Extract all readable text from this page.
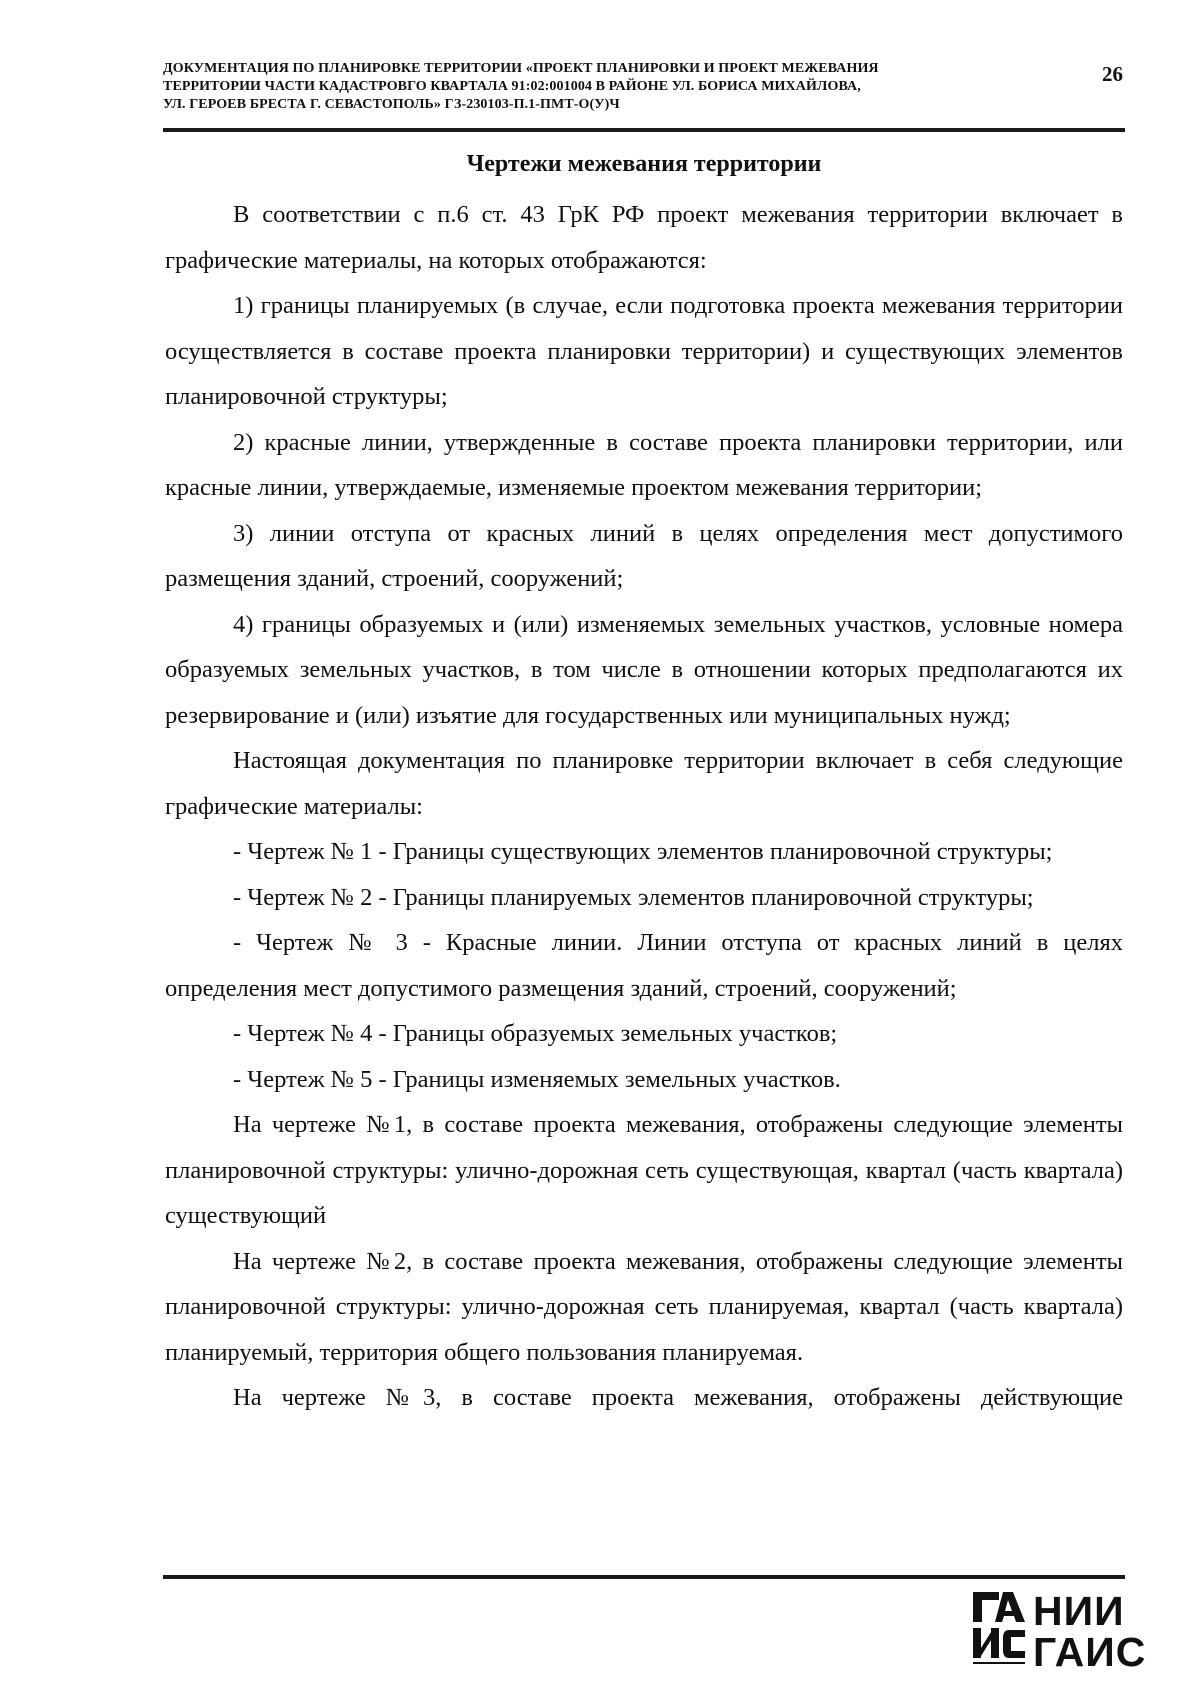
ДОКУМЕНТАЦИЯ ПО ПЛАНИРОВКЕ ТЕРРИТОРИИ «ПРОЕКТ ПЛАНИРОВКИ И ПРОЕКТ МЕЖЕВАНИЯ
ТЕРРИТОРИИ ЧАСТИ КАДАСТРОВГО КВАРТАЛА 91:02:001004 В РАЙОНЕ УЛ. БОРИСА МИХАЙЛОВА,
УЛ. ГЕРОЕВ БРЕСТА Г. СЕВАСТОПОЛЬ» ГЗ-230103-П.1-ПМТ-О(У)Ч
26
Чертежи межевания территории

В соответствии с п.6 ст. 43 ГрК РФ проект межевания территории включает в графические материалы, на которых отображаются:

1) границы планируемых (в случае, если подготовка проекта межевания территории осуществляется в составе проекта планировки территории) и существующих элементов планировочной структуры;

2) красные линии, утвержденные в составе проекта планировки территории, или красные линии, утверждаемые, изменяемые проектом межевания территории;

3) линии отступа от красных линий в целях определения мест допустимого размещения зданий, строений, сооружений;

4) границы образуемых и (или) изменяемых земельных участков, условные номера образуемых земельных участков, в том числе в отношении которых предполагаются их резервирование и (или) изъятие для государственных или муниципальных нужд;

Настоящая документация по планировке территории включает в себя следующие графические материалы:

- Чертеж № 1 - Границы существующих элементов планировочной структуры;

- Чертеж № 2 - Границы планируемых элементов планировочной структуры;

- Чертеж № 3 - Красные линии. Линии отступа от красных линий в целях определения мест допустимого размещения зданий, строений, сооружений;

- Чертеж № 4 - Границы образуемых земельных участков;

- Чертеж № 5 - Границы изменяемых земельных участков.

На чертеже №1, в составе проекта межевания, отображены следующие элементы планировочной структуры: улично-дорожная сеть существующая, квартал (часть квартала) существующий

На чертеже №2, в составе проекта межевания, отображены следующие элементы планировочной структуры: улично-дорожная сеть планируемая, квартал (часть квартала) планируемый, территория общего пользования планируемая.

На чертеже №3, в составе проекта межевания, отображены действующие

НИИ
ГАИС
